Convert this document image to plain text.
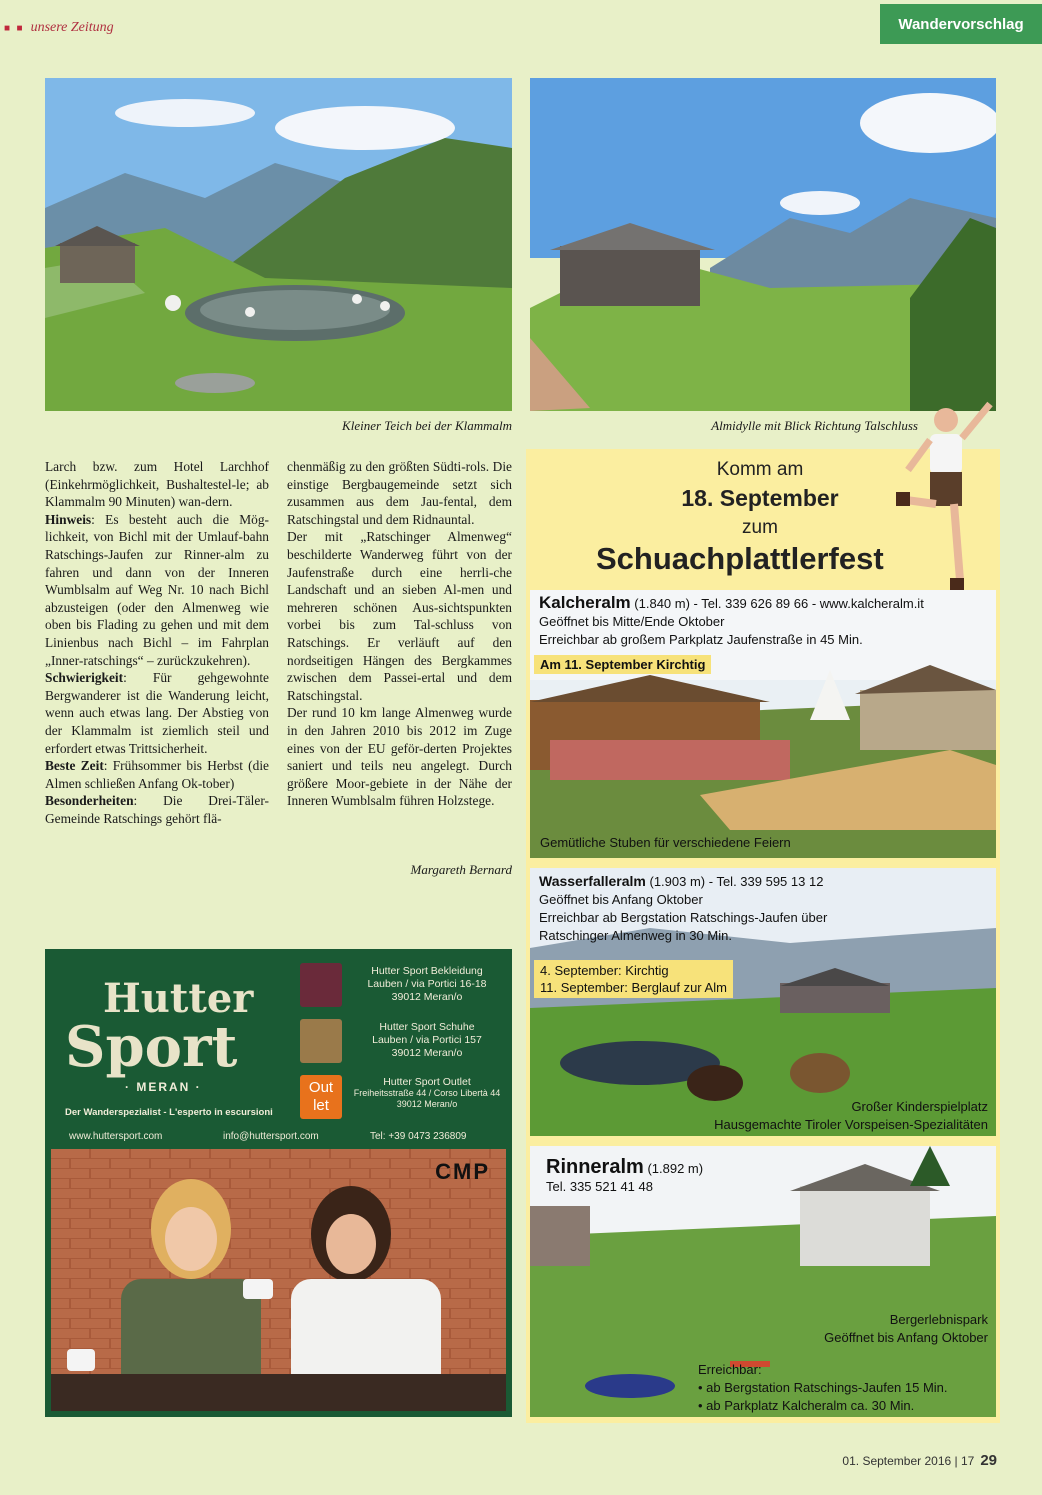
■ ■ unsere Zeitung	Wandervorschlag
Kleiner Teich bei der Klammalm	Almidylle mit Blick Richtung Talschluss
Larch bzw. zum Hotel Larchhof (Einkehrmöglichkeit, Bushaltestel-le; ab Klammalm 90 Minuten) wan-dern.
Hinweis: Es besteht auch die Mög-lichkeit, von Bichl mit der Umlauf-bahn Ratschings-Jaufen zur Rinner-alm zu fahren und dann von der Inneren Wumblsalm auf Weg Nr. 10 nach Bichl abzusteigen (oder den Almenweg wie oben bis Flading zu gehen und mit dem Linienbus nach Bichl – im Fahrplan „Inner-ratschings“ – zurückzukehren).
Schwierigkeit: Für gehgewohnte Bergwanderer ist die Wanderung leicht, wenn auch etwas lang. Der Abstieg von der Klammalm ist ziemlich steil und erfordert etwas Trittsicherheit.
Beste Zeit: Frühsommer bis Herbst (die Almen schließen Anfang Ok-tober)
Besonderheiten: Die Drei-Täler-Gemeinde Ratschings gehört flä-
chenmäßig zu den größten Südti-rols. Die einstige Bergbaugemeinde setzt sich zusammen aus dem Jau-fental, dem Ratschingstal und dem Ridnauntal.
Der mit „Ratschinger Almenweg“ beschilderte Wanderweg führt von der Jaufenstraße durch eine herrli-che Landschaft und an sieben Al-men und mehreren schönen Aus-sichtspunkten vorbei bis zum Tal-schluss von Ratschings. Er verläuft auf den nordseitigen Hängen des Bergkammes zwischen dem Passei-ertal und dem Ratschingstal.
Der rund 10 km lange Almenweg wurde in den Jahren 2010 bis 2012 im Zuge eines von der EU geför-derten Projektes saniert und teils neu angelegt. Durch größere Moor-gebiete in der Nähe der Inneren Wumblsalm führen Holzstege.
Margareth Bernard
Komm am
18. September
zum
Schuachplattlerfest
Kalcheralm (1.840 m) - Tel. 339 626 89 66 - www.kalcheralm.it
Geöffnet bis Mitte/Ende Oktober
Erreichbar ab großem Parkplatz Jaufenstraße in 45 Min.
Am 11. September Kirchtig
Gemütliche Stuben für verschiedene Feiern
Wasserfalleralm (1.903 m) - Tel. 339 595 13 12
Geöffnet bis Anfang Oktober
Erreichbar ab Bergstation Ratschings-Jaufen über
Ratschinger Almenweg in 30 Min.
4. September: Kirchtig
11. September: Berglauf zur Alm
Großer Kinderspielplatz
Hausgemachte Tiroler Vorspeisen-Spezialitäten
Rinneralm (1.892 m)
Tel. 335 521 41 48
Bergerlebnispark
Geöffnet bis Anfang Oktober
Erreichbar:
• ab Bergstation Ratschings-Jaufen 15 Min.
• ab Parkplatz Kalcheralm ca. 30 Min.
Hutter
Sport
· MERAN ·
Der Wanderspezialist - L'esperto in escursioni
www.huttersport.com	info@huttersport.com	Tel: +39 0473 236809
Hutter Sport Bekleidung
Lauben / via Portici 16-18
39012 Meran/o
Hutter Sport Schuhe
Lauben / via Portici 157
39012 Meran/o
Out let
Hutter Sport Outlet
Freiheitsstraße 44 / Corso Libertà 44
39012 Meran/o
CMP
01. September 2016 | 17 29
